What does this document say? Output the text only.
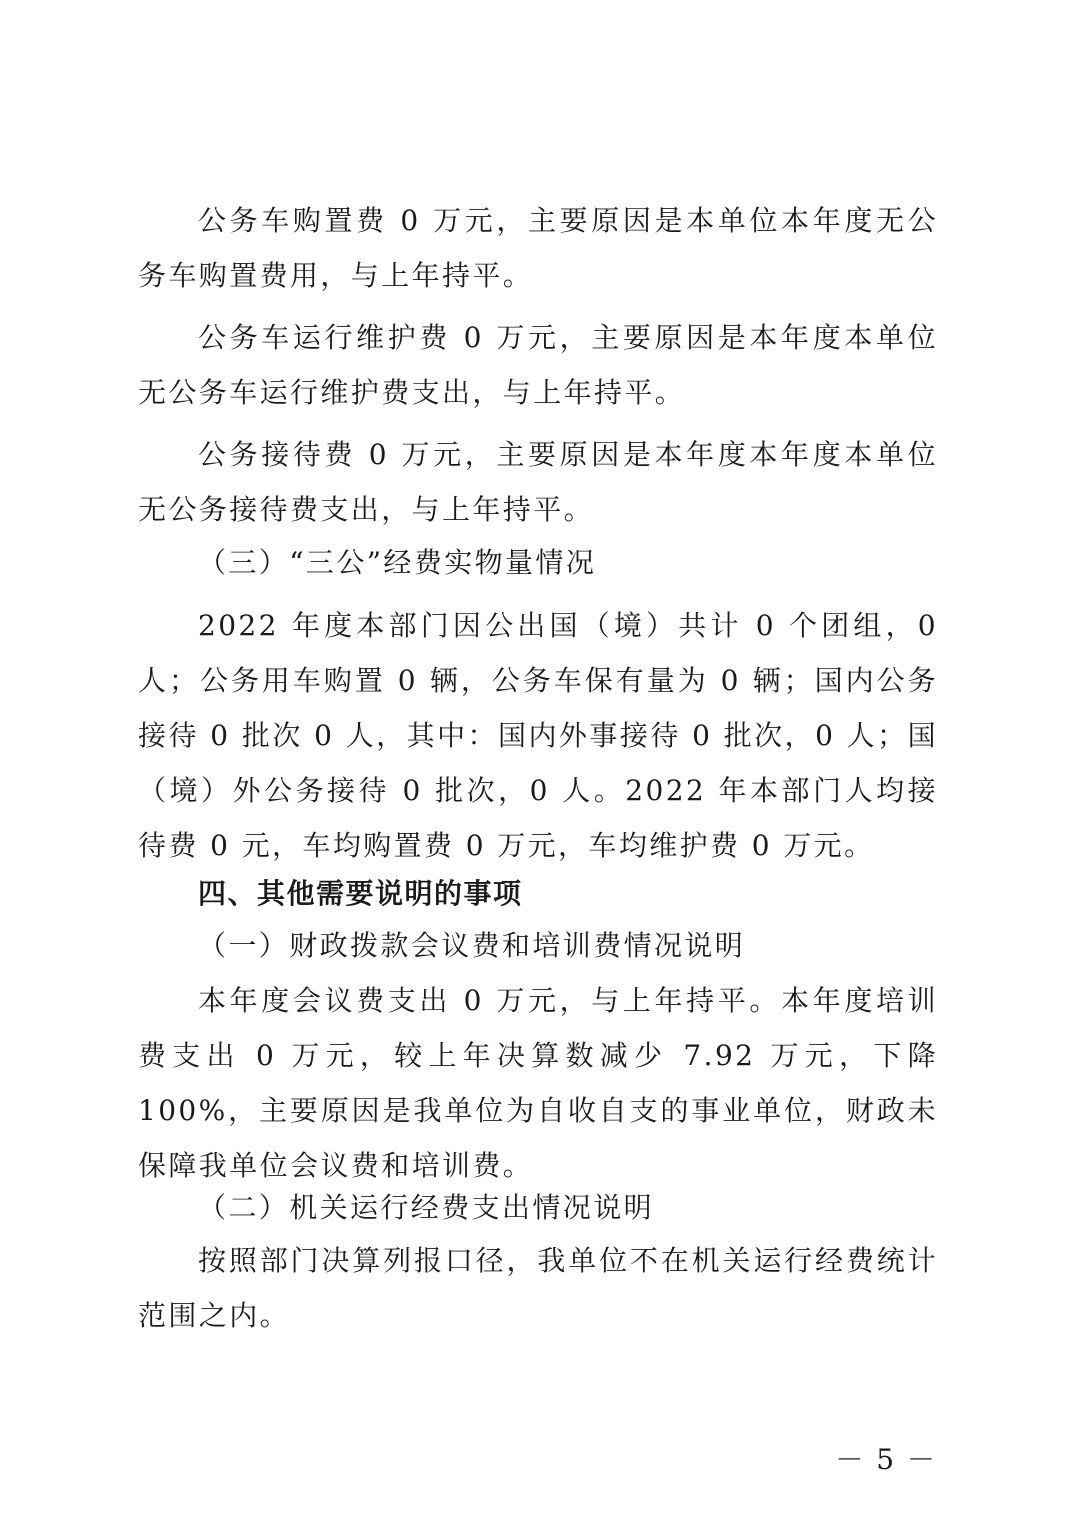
公务车购置费 0 万元，主要原因是本单位本年度无公务车购置费用，与上年持平。

公务车运行维护费 0 万元，主要原因是本年度本单位无公务车运行维护费支出，与上年持平。

公务接待费 0 万元，主要原因是本年度本年度本单位无公务接待费支出，与上年持平。

（三）“三公”经费实物量情况

2022 年度本部门因公出国（境）共计 0 个团组，0 人；公务用车购置 0 辆，公务车保有量为 0 辆；国内公务接待 0 批次 0 人，其中：国内外事接待 0 批次，0 人；国（境）外公务接待 0 批次，0 人。2022 年本部门人均接待费 0 元，车均购置费 0 万元，车均维护费 0 万元。

四、其他需要说明的事项

（一）财政拨款会议费和培训费情况说明

本年度会议费支出 0 万元，与上年持平。本年度培训费支出 0 万元，较上年决算数减少 7.92 万元，下降 100%，主要原因是我单位为自收自支的事业单位，财政未保障我单位会议费和培训费。

（二）机关运行经费支出情况说明

按照部门决算列报口径，我单位不在机关运行经费统计范围之内。

－ 5 －
